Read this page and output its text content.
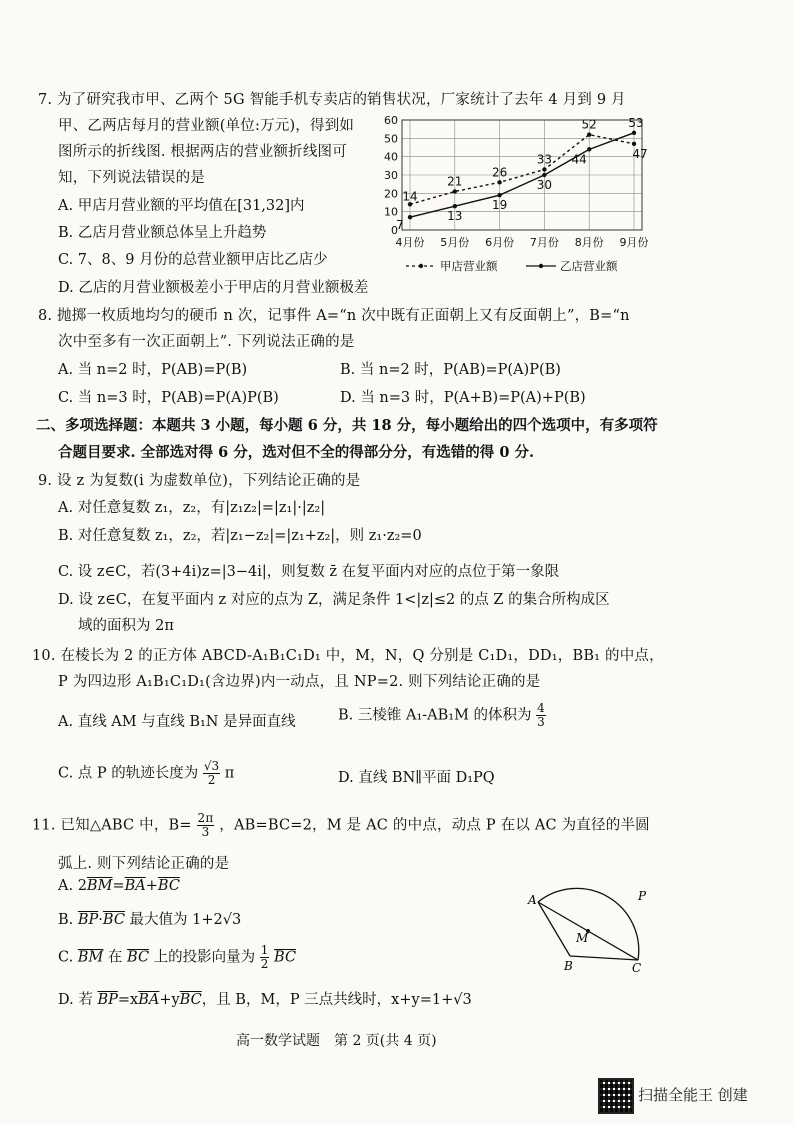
7. 为了研究我市甲、乙两个 5G 智能手机专卖店的销售状况，厂家统计了去年 4 月到 9 月
甲、乙两店每月的营业额(单位:万元)，得到如
图所示的折线图. 根据两店的营业额折线图可
知，下列说法错误的是
A. 甲店月营业额的平均值在[31,32]内
B. 乙店月营业额总体呈上升趋势
C. 7、8、9 月份的总营业额甲店比乙店少
D. 乙店的月营业额极差小于甲店的月营业额极差
0
10
20
30
40
50
60
4月份 5月份 6月份 7月份 8月份 9月份
14
21
26
33
52
47
7
13
19
30
44
53
甲店营业额	乙店营业额
8. 抛掷一枚质地均匀的硬币 n 次，记事件 A=“n 次中既有正面朝上又有反面朝上”，B=“n
次中至多有一次正面朝上”. 下列说法正确的是
A. 当 n=2 时，P(AB)=P(B)	B. 当 n=2 时，P(AB)=P(A)P(B)
C. 当 n=3 时，P(AB)=P(A)P(B)	D. 当 n=3 时，P(A+B)=P(A)+P(B)
二、多项选择题：本题共 3 小题，每小题 6 分，共 18 分，每小题给出的四个选项中，有多项符
合题目要求. 全部选对得 6 分，选对但不全的得部分分，有选错的得 0 分.
9. 设 z 为复数(i 为虚数单位)，下列结论正确的是
A. 对任意复数 z₁，z₂，有|z₁z₂|=|z₁|·|z₂|
B. 对任意复数 z₁，z₂，若|z₁−z₂|=|z₁+z₂|，则 z₁·z₂=0
C. 设 z∈C，若(3+4i)z=|3−4i|，则复数 z̄ 在复平面内对应的点位于第一象限
D. 设 z∈C，在复平面内 z 对应的点为 Z，满足条件 1<|z|≤2 的点 Z 的集合所构成区
域的面积为 2π
10. 在棱长为 2 的正方体 ABCD-A₁B₁C₁D₁ 中，M，N，Q 分别是 C₁D₁，DD₁，BB₁ 的中点，
P 为四边形 A₁B₁C₁D₁(含边界)内一动点，且 NP=2. 则下列结论正确的是
A. 直线 AM 与直线 B₁N 是异面直线	B. 三棱锥 A₁-AB₁M 的体积为 $\frac{4}{3}$
C. 点 P 的轨迹长度为 $\frac{√3}{2}$ π	D. 直线 BN∥平面 D₁PQ
11. 已知△ABC 中，$B= \frac{2\pi}{3}$ ，AB=BC=2，M 是 AC 的中点，动点 P 在以 AC 为直径的半圆
弧上. 则下列结论正确的是
A. $2\overline{BM}=\overline{BA}+\overline{BC}$
B. $\overline{BP}\cdot\overline{BC}$ 最大值为 1+2√3
C. $\overline{BM}$ 在 $\overline{BC}$ 上的投影向量为 $\frac{1}{2} \overline{BC}$
D. 若 $\overline{BP}=x\overline{BA}+y\overline{BC}$，且 B，M，P 三点共线时，x+y=1+√3
A	P
M
B	C
高一数学试题　第 2 页(共 4 页)
扫描全能王 创建
